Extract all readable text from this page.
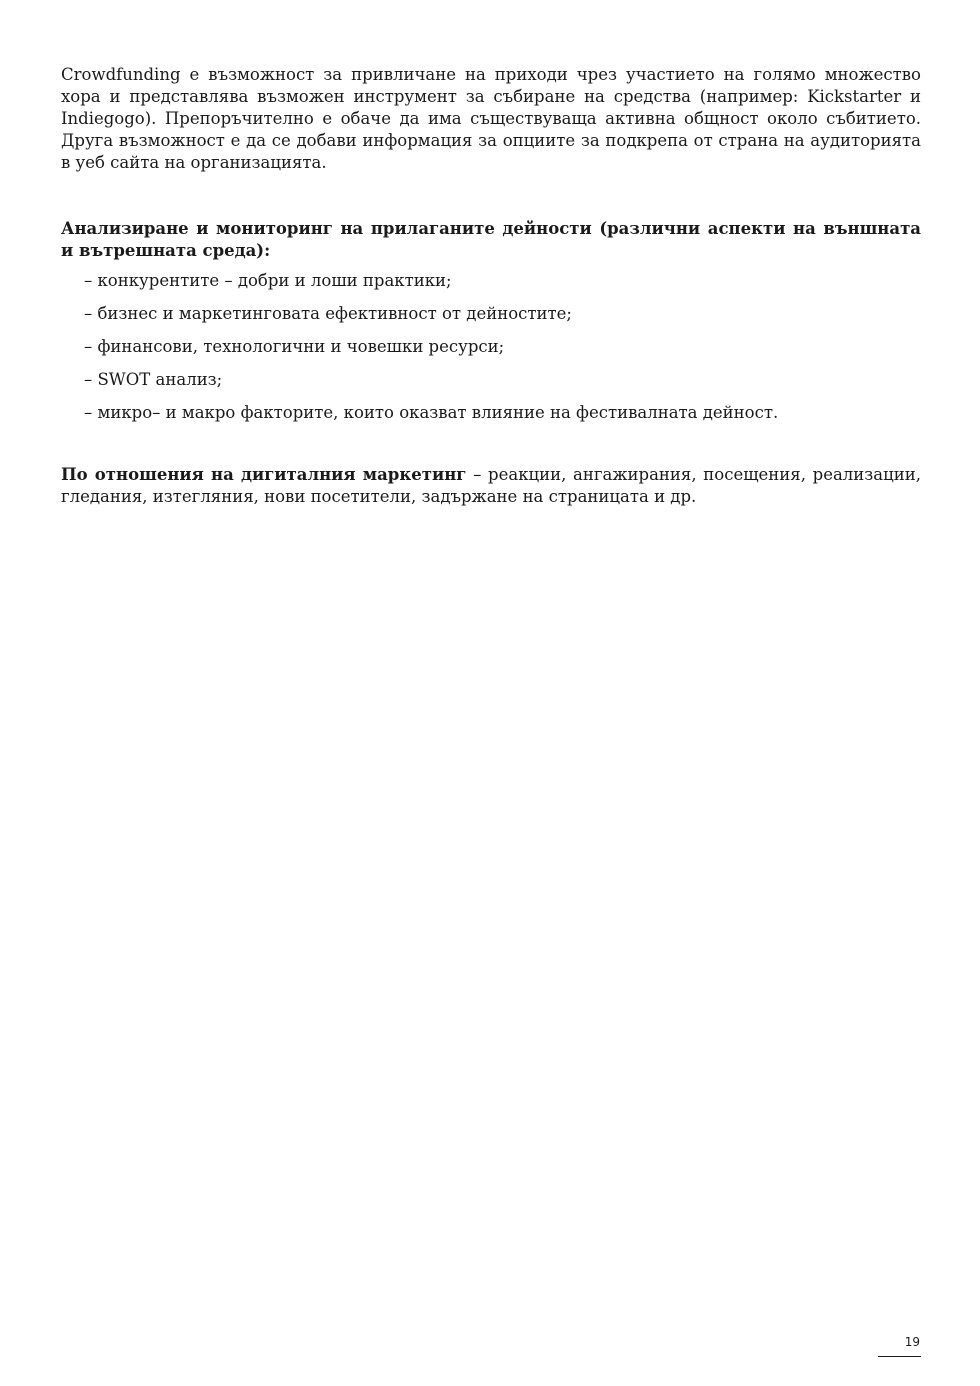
Crowdfunding е възможност за привличане на приходи чрез участието на голямо множество хора и представлява възможен инструмент за събиране на средства (например: Kickstarter и Indiegogo). Препоръчително е обаче да има съществуваща активна общност около събитието. Друга възможност е да се добави информация за опциите за подкрепа от страна на аудиторията в уеб сайта на организацията.

Анализиране и мониторинг на прилаганите дейности (различни аспекти на външната и вътрешната среда):

– конкурентите – добри и лоши практики;
– бизнес и маркетинговата ефективност от дейностите;
– финансови, технологични и човешки ресурси;
– SWOT анализ;
– микро– и макро факторите, които оказват влияние на фестивалната дейност.

По отношения на дигиталния маркетинг – реакции, ангажирания, посещения, реализации, гледания, изтегляния, нови посетители, задържане на страницата и др.

19
